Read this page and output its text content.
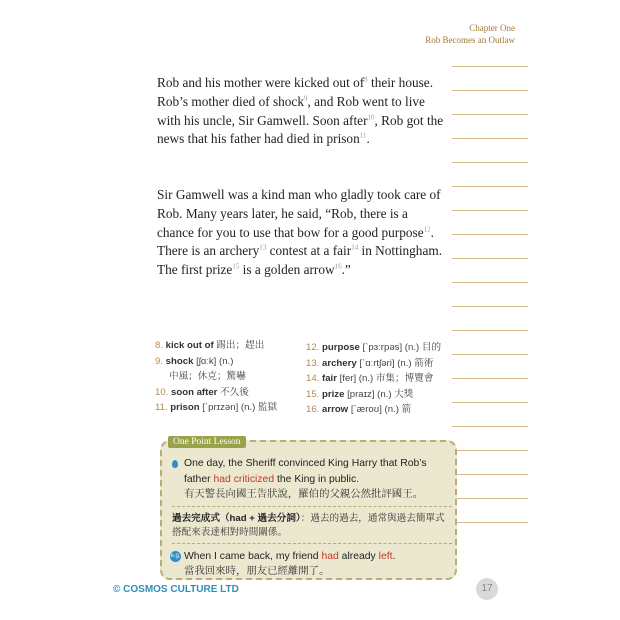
Chapter One
Rob Becomes an Outlaw

Rob and his mother were kicked out $of^8$ their house. Rob’s mother died of shock$^9$, and Rob went to live with his uncle, Sir Gamwell. Soon after$^{10}$, Rob got the news that his father had died in prison$^{11}$.

Sir Gamwell was a kind man who gladly took care of Rob. Many years later, he said, “Rob, there is a chance for you to use that bow for a good purpose$^{12}$. There is an archery$^{13}$ contest at a fair$^{14}$ in Nottingham. The first prize$^{15}$ is a golden arrow$^{16}$.”

8. kick out of 踢出；趕出
9. shock [ʃɑːk] (n.)
中風；休克；驚嚇
10. soon after 不久後
11. prison [ˋprɪzən] (n.) 監獄
12. purpose [ˋpɜːrpəs] (n.) 目的
13. archery [ˋɑːrtʃəri] (n.) 箭術
14. fair [fer] (n.) 市集；博覽會
15. prize [praɪz] (n.) 大獎
16. arrow [ˋæroʊ] (n.) 箭
One Point Lesson
One day, the Sheriff convinced King Harry that Rob’s father had criticized the King in public.
有天警長向國王告狀說，羅伯的父親公然批評國王。
過去完成式（had + 過去分詞）：過去的過去，通常與過去簡單式搭配來表達相對時間關係。
e.g. When I came back, my friend had already left.
當我回來時，朋友已經離開了。
© COSMOS CULTURE LTD	17
